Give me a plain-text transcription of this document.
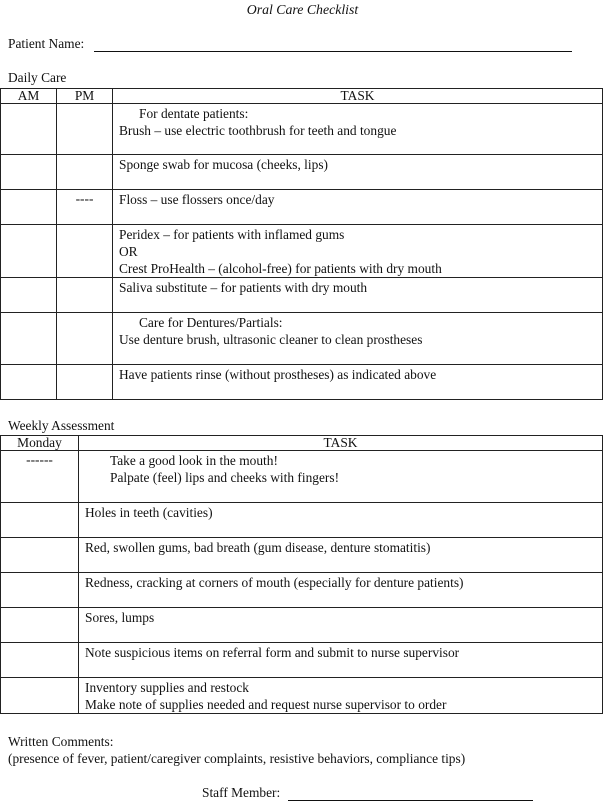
Oral Care Checklist
Patient Name:
Daily Care
AM	PM	TASK

		For dentate patients:
Brush – use electric toothbrush for teeth and tongue
		Sponge swab for mucosa (cheeks, lips)
	----	Floss – use flossers once/day

		Peridex – for patients with inflamed gums
OR
Crest ProHealth – (alcohol-free) for patients with dry mouth

		Saliva substitute – for patients with dry mouth

		Care for Dentures/Partials:
Use denture brush, ultrasonic cleaner to clean prostheses
		Have patients rinse (without prostheses) as indicated above
Weekly Assessment
Monday	TASK
------	Take a good look in the mouth!
Palpate (feel) lips and cheeks with fingers!

	Holes in teeth (cavities)
	Red, swollen gums, bad breath (gum disease, denture stomatitis)
	Redness, cracking at corners of mouth (especially for denture patients)
	Sores, lumps
	Note suspicious items on referral form and submit to nurse supervisor

	Inventory supplies and restock
Make note of supplies needed and request nurse supervisor to order
Written Comments:
(presence of fever, patient/caregiver complaints, resistive behaviors, compliance tips)
Staff Member:
